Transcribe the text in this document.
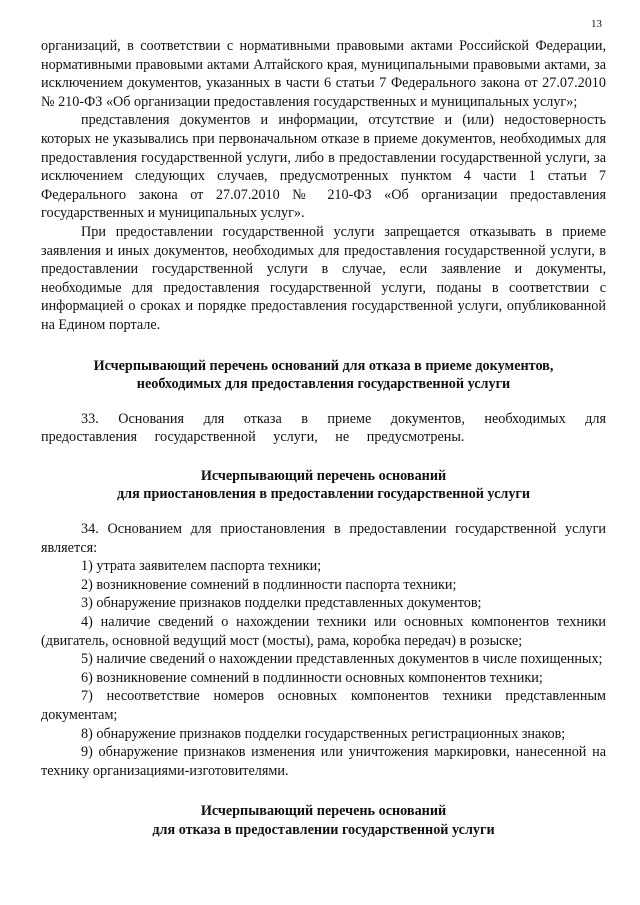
13

организаций, в соответствии с нормативными правовыми актами Российской Федерации, нормативными правовыми актами Алтайского края, муниципальными правовыми актами, за исключением документов, указанных в части 6 статьи 7 Федерального закона от 27.07.2010 № 210-ФЗ «Об организации предоставления государственных и муниципальных услуг»;

представления документов и информации, отсутствие и (или) недостоверность которых не указывались при первоначальном отказе в приеме документов, необходимых для предоставления государственной услуги, либо в предоставлении государственной услуги, за исключением следующих случаев, предусмотренных пунктом 4 части 1 статьи 7 Федерального закона от 27.07.2010 № 210-ФЗ «Об организации предоставления государственных и муниципальных услуг».

При предоставлении государственной услуги запрещается отказывать в приеме заявления и иных документов, необходимых для предоставления государственной услуги, в предоставлении государственной услуги в случае, если заявление и документы, необходимые для предоставления государственной услуги, поданы в соответствии с информацией о сроках и порядке предоставления государственной услуги, опубликованной на Едином портале.

Исчерпывающий перечень оснований для отказа в приеме документов,
необходимых для предоставления государственной услуги

33. Основания для отказа в приеме документов, необходимых для предоставления государственной услуги, не предусмотрены.

Исчерпывающий перечень оснований
для приостановления в предоставлении государственной услуги

34. Основанием для приостановления в предоставлении государственной услуги является:

1) утрата заявителем паспорта техники;

2) возникновение сомнений в подлинности паспорта техники;

3) обнаружение признаков подделки представленных документов;

4) наличие сведений о нахождении техники или основных компонентов техники (двигатель, основной ведущий мост (мосты), рама, коробка передач) в розыске;

5) наличие сведений о нахождении представленных документов в числе похищенных;

6) возникновение сомнений в подлинности основных компонентов техники;

7) несоответствие номеров основных компонентов техники представленным документам;

8) обнаружение признаков подделки государственных регистрационных знаков;

9) обнаружение признаков изменения или уничтожения маркировки, нанесенной на технику организациями-изготовителями.

Исчерпывающий перечень оснований
для отказа в предоставлении государственной услуги
